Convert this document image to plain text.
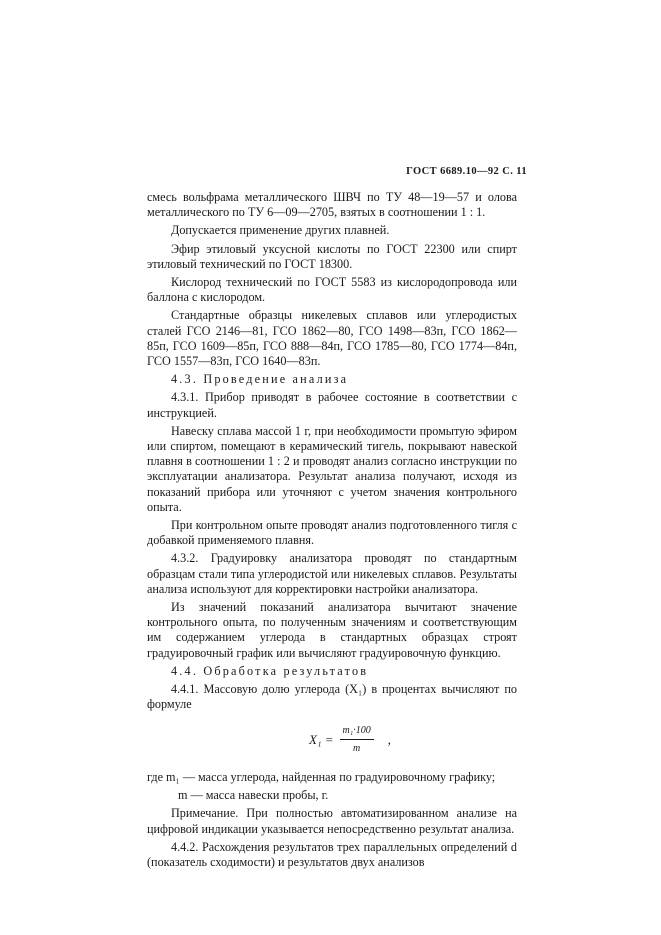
ГОСТ 6689.10—92 С. 11

смесь вольфрама металлического ШВЧ по ТУ 48—19—57 и олова металлического по ТУ 6—09—2705, взятых в соотношении 1 : 1.

Допускается применение других плавней.

Эфир этиловый уксусной кислоты по ГОСТ 22300 или спирт этиловый технический по ГОСТ 18300.

Кислород технический по ГОСТ 5583 из кислородопровода или баллона с кислородом.

Стандартные образцы никелевых сплавов или углеродистых сталей ГСО 2146—81, ГСО 1862—80, ГСО 1498—83п, ГСО 1862—85п, ГСО 1609—85п, ГСО 888—84п, ГСО 1785—80, ГСО 1774—84п, ГСО 1557—83п, ГСО 1640—83п.

4.3. Проведение анализа

4.3.1. Прибор приводят в рабочее состояние в соответствии с инструкцией.

Навеску сплава массой 1 г, при необходимости промытую эфиром или спиртом, помещают в керамический тигель, покрывают навеской плавня в соотношении 1 : 2 и проводят анализ согласно инструкции по эксплуатации анализатора. Результат анализа получают, исходя из показаний прибора или уточняют с учетом значения контрольного опыта.

При контрольном опыте проводят анализ подготовленного тигля с добавкой применяемого плавня.

4.3.2. Градуировку анализатора проводят по стандартным образцам стали типа углеродистой или никелевых сплавов. Результаты анализа используют для корректировки настройки анализатора.

Из значений показаний анализатора вычитают значение контрольного опыта, по полученным значениям и соответствующим им содержанием углерода в стандартных образцах строят градуировочный график или вычисляют градуировочную функцию.

4.4. Обработка результатов

4.4.1. Массовую долю углерода (X₁) в процентах вычисляют по формуле

$X_1 = \frac{\text{m₁·100}}{m}$ ,

где m₁ — масса углерода, найденная по градуировочному графику;

m — масса навески пробы, г.

Примечание. При полностью автоматизированном анализе на цифровой индикации указывается непосредственно результат анализа.

4.4.2. Расхождения результатов трех параллельных определений d (показатель сходимости) и результатов двух анализов
